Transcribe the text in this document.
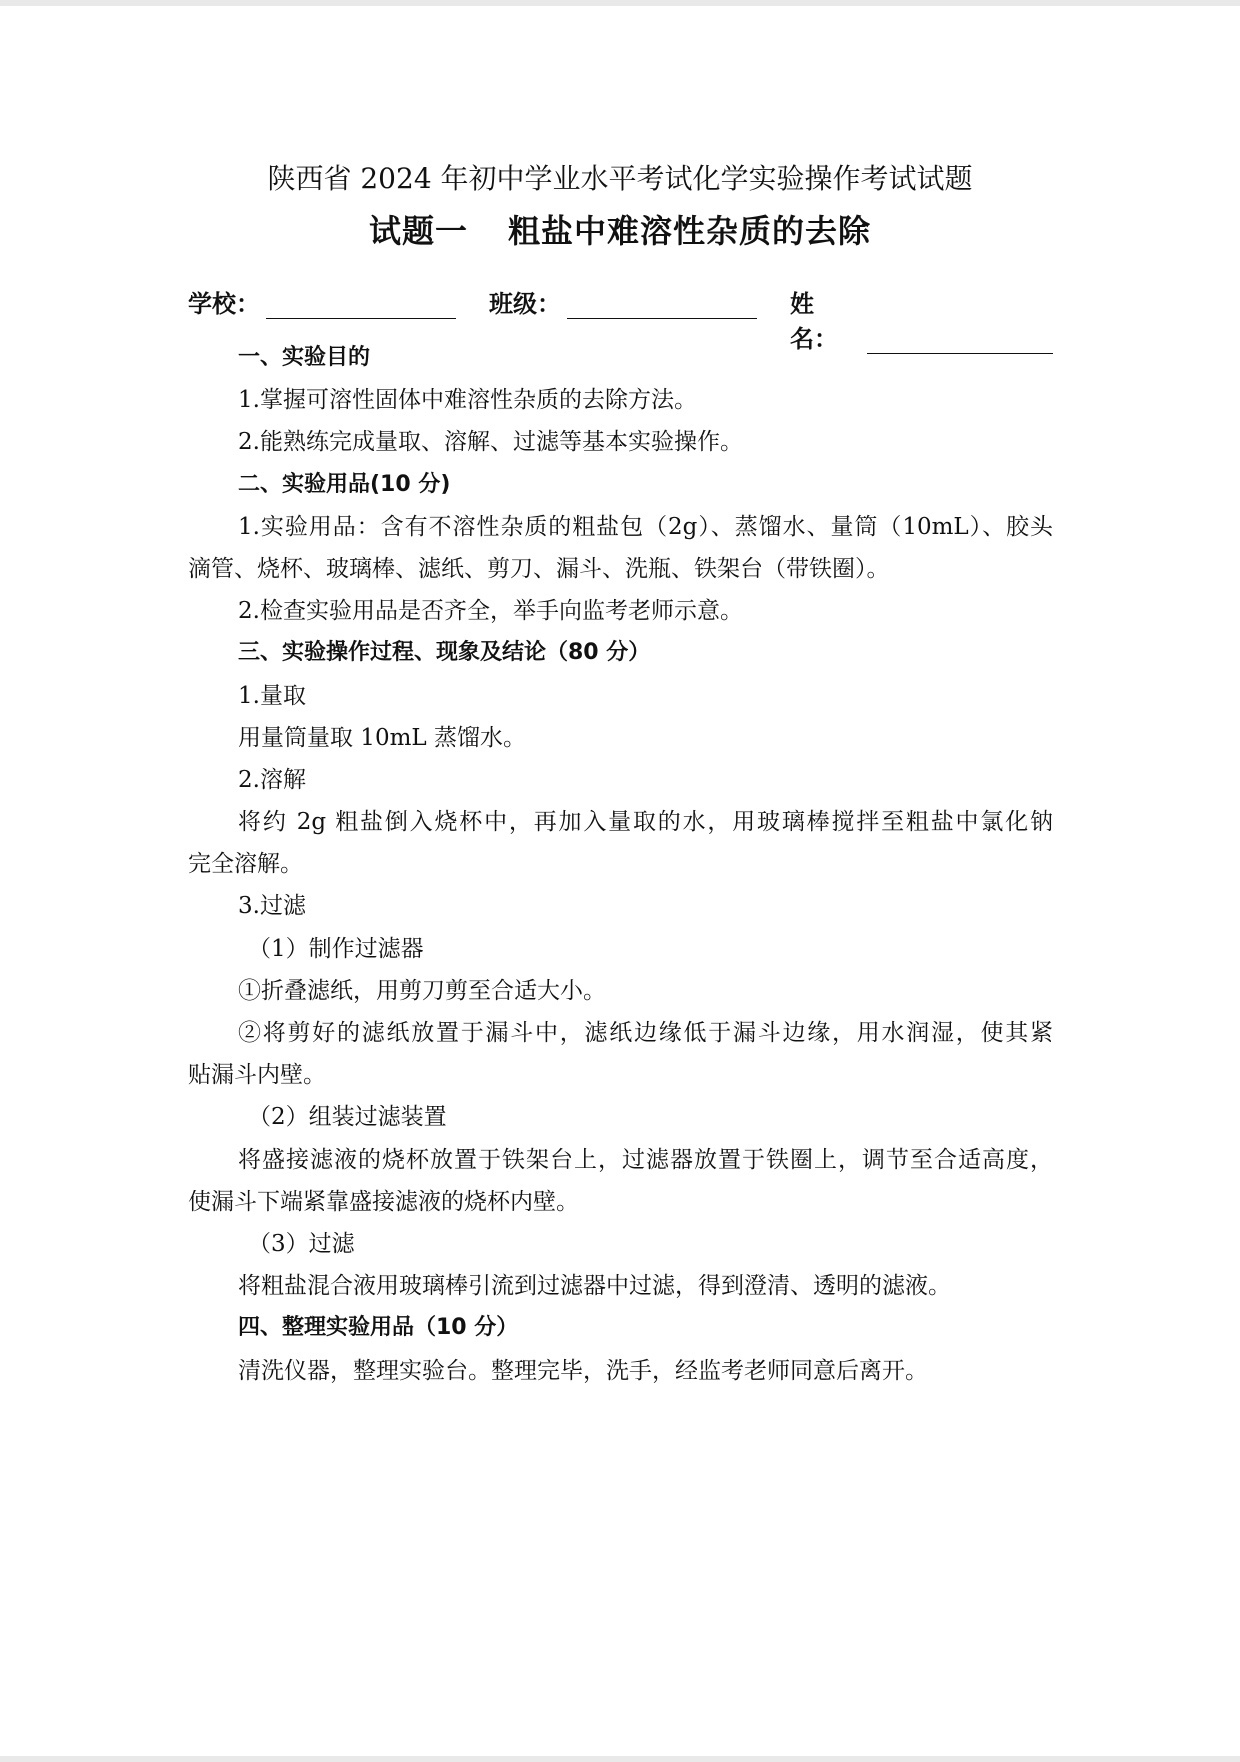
陕西省 2024 年初中学业水平考试化学实验操作考试试题
试题一 粗盐中难溶性杂质的去除
学校：	班级：	姓名：
一、实验目的
1.掌握可溶性固体中难溶性杂质的去除方法。
2.能熟练完成量取、溶解、过滤等基本实验操作。
二、实验用品(10 分)
1.实验用品：含有不溶性杂质的粗盐包（2g）、蒸馏水、量筒（10mL）、胶头
滴管、烧杯、玻璃棒、滤纸、剪刀、漏斗、洗瓶、铁架台（带铁圈）。
2.检查实验用品是否齐全，举手向监考老师示意。
三、实验操作过程、现象及结论（80 分）
1.量取
用量筒量取 10mL 蒸馏水。
2.溶解
将约 2g 粗盐倒入烧杯中，再加入量取的水，用玻璃棒搅拌至粗盐中氯化钠
完全溶解。
3.过滤
（1）制作过滤器
①折叠滤纸，用剪刀剪至合适大小。
②将剪好的滤纸放置于漏斗中，滤纸边缘低于漏斗边缘，用水润湿，使其紧
贴漏斗内壁。
（2）组装过滤装置
将盛接滤液的烧杯放置于铁架台上，过滤器放置于铁圈上，调节至合适高度，
使漏斗下端紧靠盛接滤液的烧杯内壁。
（3）过滤
将粗盐混合液用玻璃棒引流到过滤器中过滤，得到澄清、透明的滤液。
四、整理实验用品（10 分）
清洗仪器，整理实验台。整理完毕，洗手，经监考老师同意后离开。
